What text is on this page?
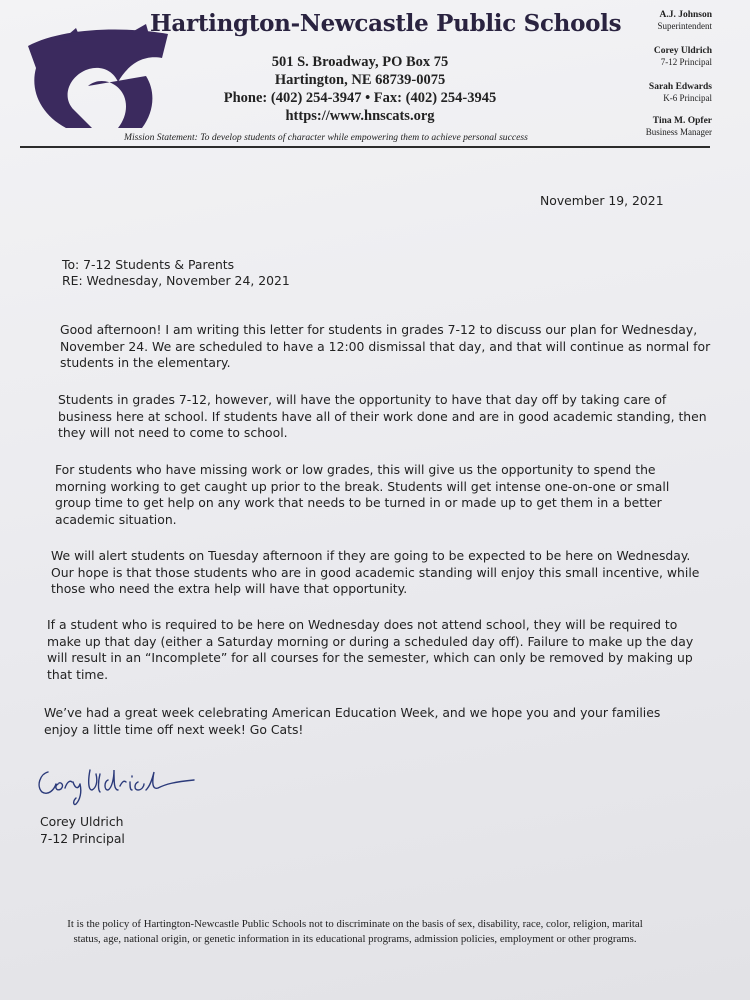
Hartington-Newcastle Public Schools
501 S. Broadway, PO Box 75
Hartington, NE 68739-0075
Phone: (402) 254-3947 • Fax: (402) 254-3945
https://www.hnscats.org
A.J. Johnson
Superintendent
Corey Uldrich
7-12 Principal
Sarah Edwards
K-6 Principal
Tina M. Opfer
Business Manager
Mission Statement: To develop students of character while empowering them to achieve personal success
November 19, 2021
To: 7-12 Students & Parents
RE: Wednesday, November 24, 2021
Good afternoon! I am writing this letter for students in grades 7-12 to discuss our plan for Wednesday,
November 24. We are scheduled to have a 12:00 dismissal that day, and that will continue as normal for
students in the elementary.
Students in grades 7-12, however, will have the opportunity to have that day off by taking care of
business here at school. If students have all of their work done and are in good academic standing, then
they will not need to come to school.
For students who have missing work or low grades, this will give us the opportunity to spend the
morning working to get caught up prior to the break. Students will get intense one-on-one or small
group time to get help on any work that needs to be turned in or made up to get them in a better
academic situation.
We will alert students on Tuesday afternoon if they are going to be expected to be here on Wednesday.
Our hope is that those students who are in good academic standing will enjoy this small incentive, while
those who need the extra help will have that opportunity.
If a student who is required to be here on Wednesday does not attend school, they will be required to
make up that day (either a Saturday morning or during a scheduled day off). Failure to make up the day
will result in an “Incomplete” for all courses for the semester, which can only be removed by making up
that time.
We’ve had a great week celebrating American Education Week, and we hope you and your families
enjoy a little time off next week! Go Cats!
Corey Uldrich
7-12 Principal
It is the policy of Hartington-Newcastle Public Schools not to discriminate on the basis of sex, disability, race, color, religion, marital
status, age, national origin, or genetic information in its educational programs, admission policies, employment or other programs.
